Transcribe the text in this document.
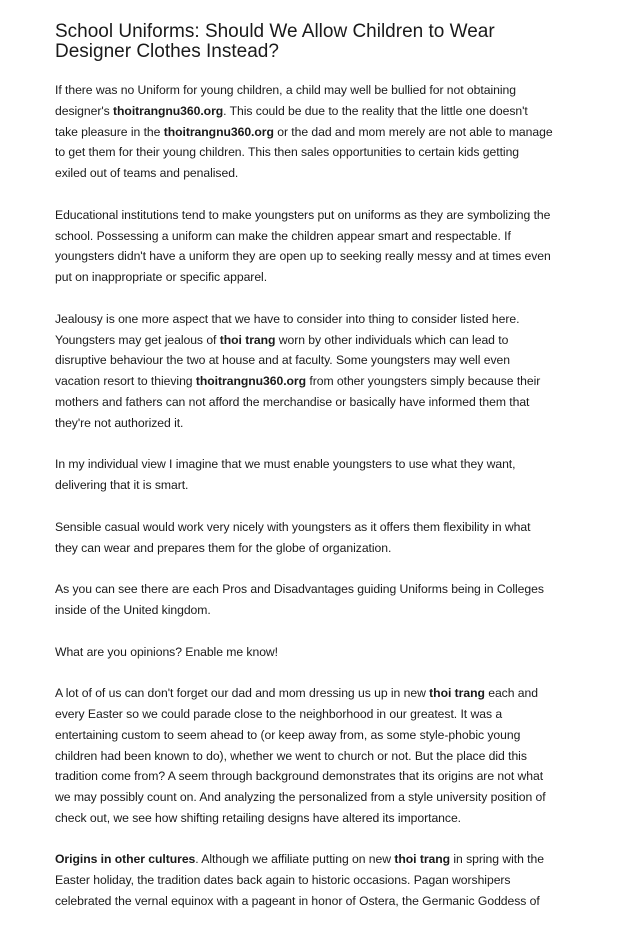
School Uniforms: Should We Allow Children to Wear
Designer Clothes Instead?

If there was no Uniform for young children, a child may well be bullied for not obtaining
designer's thoitrangnu360.org. This could be due to the reality that the little one doesn't
take pleasure in the thoitrangnu360.org or the dad and mom merely are not able to manage
to get them for their young children. This then sales opportunities to certain kids getting
exiled out of teams and penalised.

Educational institutions tend to make youngsters put on uniforms as they are symbolizing the
school. Possessing a uniform can make the children appear smart and respectable. If
youngsters didn't have a uniform they are open up to seeking really messy and at times even
put on inappropriate or specific apparel.

Jealousy is one more aspect that we have to consider into thing to consider listed here.
Youngsters may get jealous of thoi trang worn by other individuals which can lead to
disruptive behaviour the two at house and at faculty. Some youngsters may well even
vacation resort to thieving thoitrangnu360.org from other youngsters simply because their
mothers and fathers can not afford the merchandise or basically have informed them that
they're not authorized it.

In my individual view I imagine that we must enable youngsters to use what they want,
delivering that it is smart.

Sensible casual would work very nicely with youngsters as it offers them flexibility in what
they can wear and prepares them for the globe of organization.

As you can see there are each Pros and Disadvantages guiding Uniforms being in Colleges
inside of the United kingdom.

What are you opinions? Enable me know!

A lot of of us can don't forget our dad and mom dressing us up in new thoi trang each and
every Easter so we could parade close to the neighborhood in our greatest. It was a
entertaining custom to seem ahead to (or keep away from, as some style-phobic young
children had been known to do), whether we went to church or not. But the place did this
tradition come from? A seem through background demonstrates that its origins are not what
we may possibly count on. And analyzing the personalized from a style university position of
check out, we see how shifting retailing designs have altered its importance.

Origins in other cultures. Although we affiliate putting on new thoi trang in spring with the
Easter holiday, the tradition dates back again to historic occasions. Pagan worshipers
celebrated the vernal equinox with a pageant in honor of Ostera, the Germanic Goddess of
